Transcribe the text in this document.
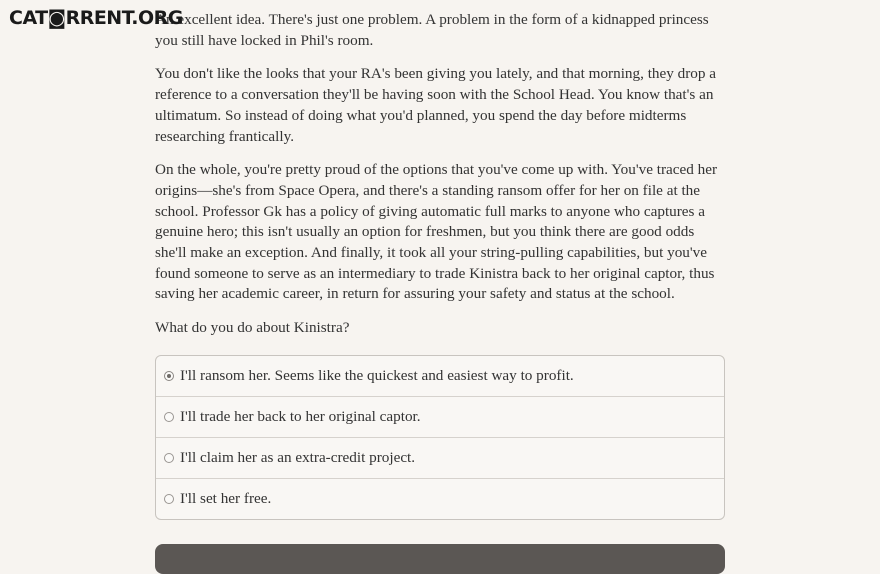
CAT◙RRENT.ORG

An excellent idea. There's just one problem. A problem in the form of a kidnapped princess you still have locked in Phil's room.

You don't like the looks that your RA's been giving you lately, and that morning, they drop a reference to a conversation they'll be having soon with the School Head. You know that's an ultimatum. So instead of doing what you'd planned, you spend the day before midterms researching frantically.

On the whole, you're pretty proud of the options that you've come up with. You've traced her origins—she's from Space Opera, and there's a standing ransom offer for her on file at the school. Professor Gk has a policy of giving automatic full marks to anyone who captures a genuine hero; this isn't usually an option for freshmen, but you think there are good odds she'll make an exception. And finally, it took all your string-pulling capabilities, but you've found someone to serve as an intermediary to trade Kinistra back to her original captor, thus saving her academic career, in return for assuring your safety and status at the school.

What do you do about Kinistra?

I'll ransom her. Seems like the quickest and easiest way to profit.
I'll trade her back to her original captor.
I'll claim her as an extra-credit project.
I'll set her free.
